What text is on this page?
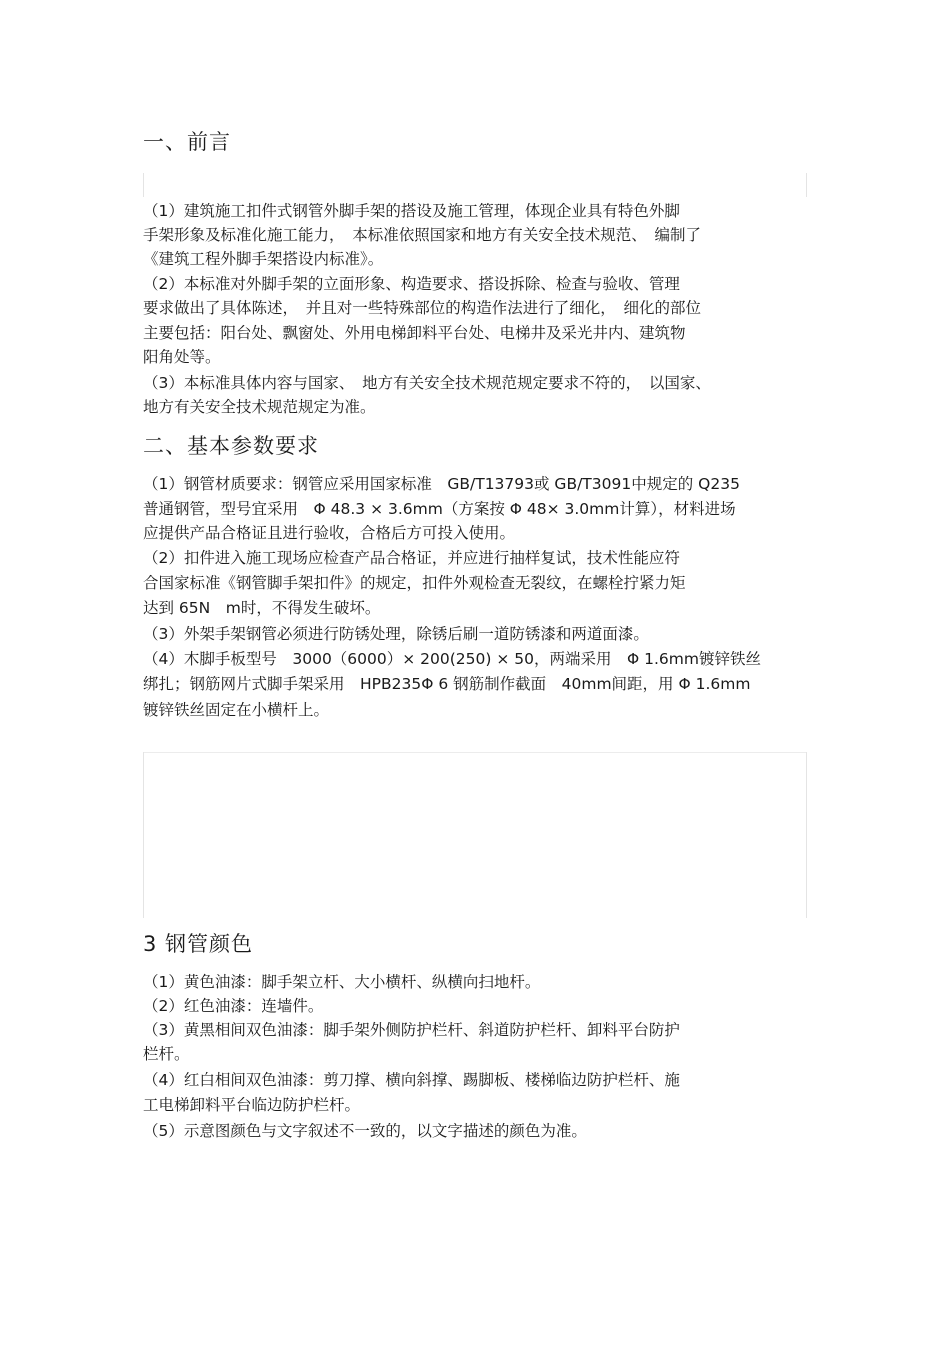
一、前言
（1）建筑施工扣件式钢管外脚手架的搭设及施工管理，体现企业具有特色外脚
手架形象及标准化施工能力，　本标准依照国家和地方有关安全技术规范、　编制了
《建筑工程外脚手架搭设内标准》。
（2）本标准对外脚手架的立面形象、构造要求、搭设拆除、检查与验收、管理
要求做出了具体陈述，　并且对一些特殊部位的构造作法进行了细化，　细化的部位
主要包括：阳台处、飘窗处、外用电梯卸料平台处、电梯井及采光井内、建筑物
阳角处等。
（3）本标准具体内容与国家、　地方有关安全技术规范规定要求不符的，　以国家、
地方有关安全技术规范规定为准。
二、基本参数要求
（1）钢管材质要求：钢管应采用国家标准　GB/T13793或 GB/T3091中规定的 Q235
普通钢管，型号宜采用　Φ 48.3 × 3.6mm（方案按 Φ 48× 3.0mm计算），材料进场
应提供产品合格证且进行验收，合格后方可投入使用。
（2）扣件进入施工现场应检查产品合格证，并应进行抽样复试，技术性能应符
合国家标准《钢管脚手架扣件》的规定，扣件外观检查无裂纹，在螺栓拧紧力矩
达到 65N　m时，不得发生破坏。
（3）外架手架钢管必须进行防锈处理，除锈后刷一道防锈漆和两道面漆。
（4）木脚手板型号　3000（6000）× 200(250) × 50，两端采用　Φ 1.6mm镀锌铁丝
绑扎；钢筋网片式脚手架采用　HPB235Φ 6 钢筋制作截面　40mm间距，用 Φ 1.6mm
镀锌铁丝固定在小横杆上。
3 钢管颜色
（1）黄色油漆：脚手架立杆、大小横杆、纵横向扫地杆。
（2）红色油漆：连墙件。
（3）黄黑相间双色油漆：脚手架外侧防护栏杆、斜道防护栏杆、卸料平台防护
栏杆。
（4）红白相间双色油漆：剪刀撑、横向斜撑、踢脚板、楼梯临边防护栏杆、施
工电梯卸料平台临边防护栏杆。
（5）示意图颜色与文字叙述不一致的，以文字描述的颜色为准。
